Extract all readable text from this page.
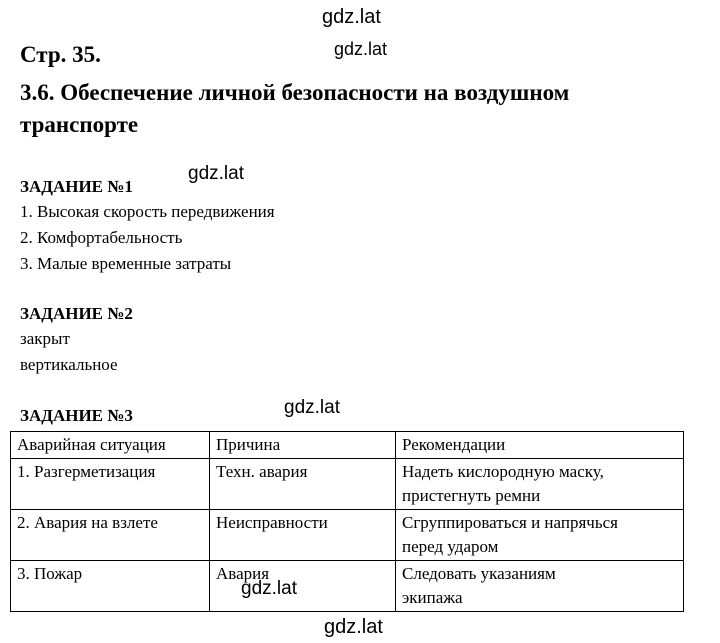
gdz.lat
gdz.lat
gdz.lat
gdz.lat
gdz.lat
gdz.lat
Стр. 35.
3.6. Обеспечение личной безопасности на воздушном
транспорте
ЗАДАНИЕ №1
1. Высокая скорость передвижения
2. Комфортабельность
3. Малые временные затраты
ЗАДАНИЕ №2
закрыт
вертикальное
ЗАДАНИЕ №3
Аварийная ситуация	Причина	Рекомендации
1. Разгерметизация	Техн. авария	Надеть кислородную маску,
пристегнуть ремни

2. Авария на взлете	Неисправности	Сгруппироваться и напрячься
перед ударом

3. Пожар	Авария	Следовать указаниям
экипажа
